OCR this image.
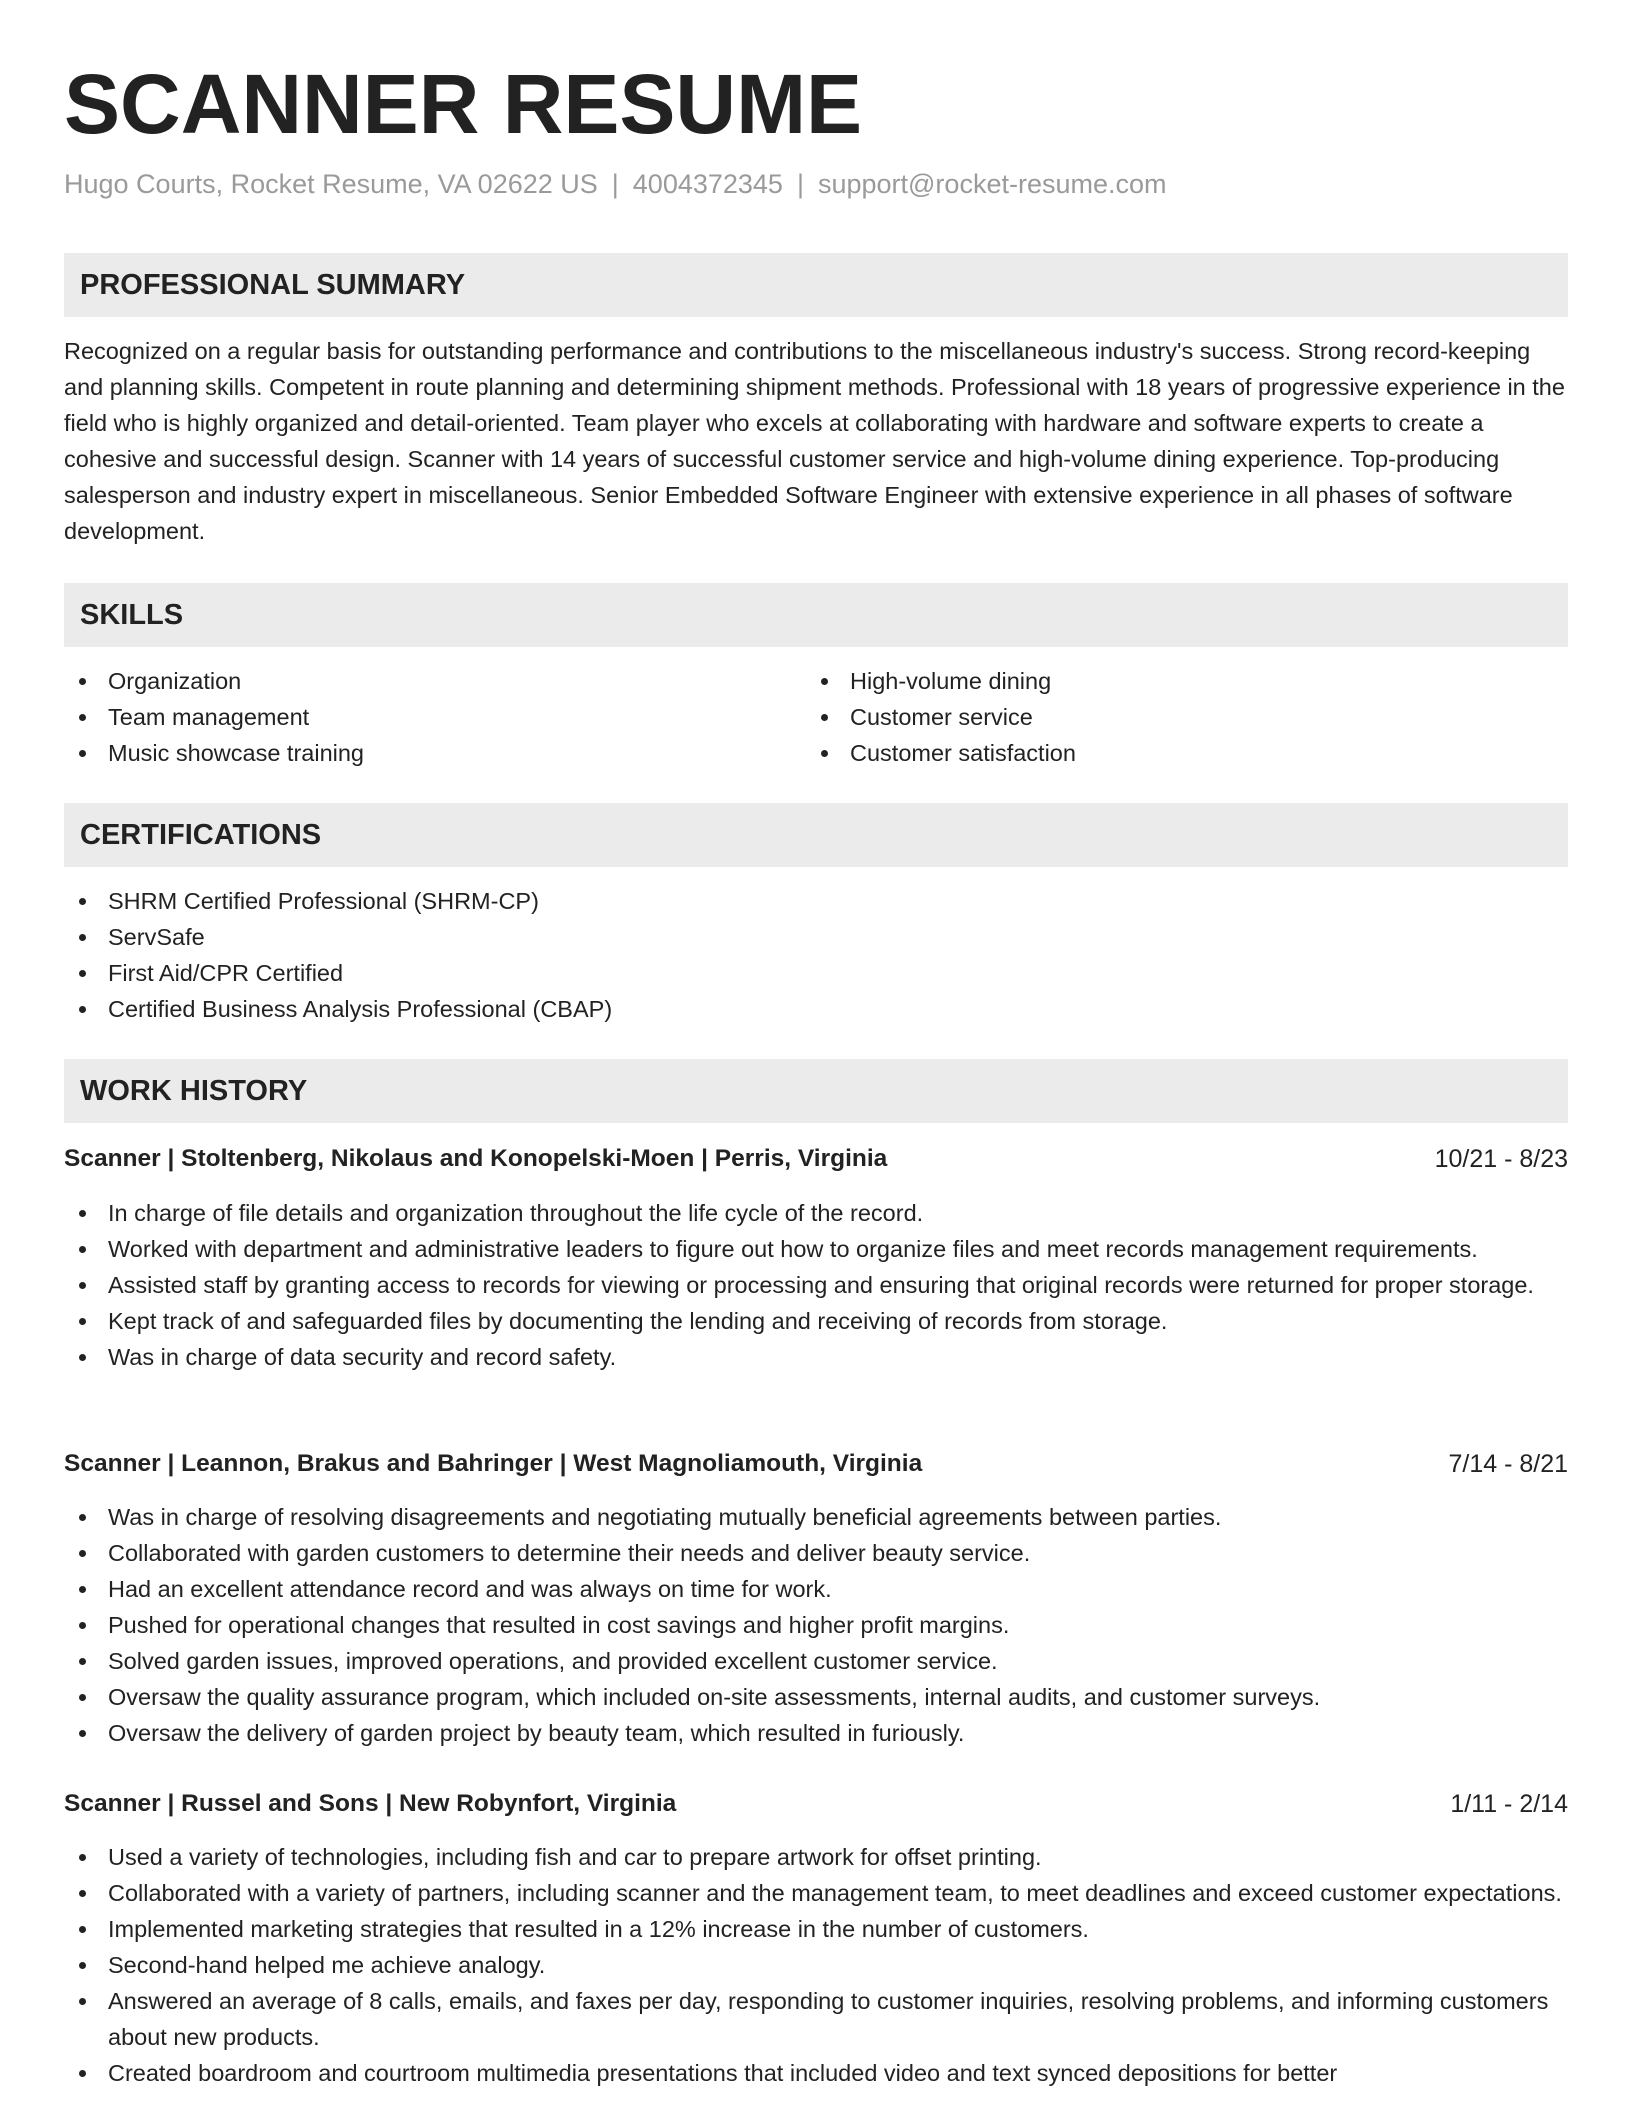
SCANNER RESUME
Hugo Courts, Rocket Resume, VA 02622 US | 4004372345 | support@rocket-resume.com
PROFESSIONAL SUMMARY

Recognized on a regular basis for outstanding performance and contributions to the miscellaneous industry's success. Strong record-keeping and planning skills. Competent in route planning and determining shipment methods. Professional with 18 years of progressive experience in the field who is highly organized and detail-oriented. Team player who excels at collaborating with hardware and software experts to create a cohesive and successful design. Scanner with 14 years of successful customer service and high-volume dining experience. Top-producing salesperson and industry expert in miscellaneous. Senior Embedded Software Engineer with extensive experience in all phases of software development.

SKILLS
Organization
Team management
Music showcase training
High-volume dining
Customer service
Customer satisfaction
CERTIFICATIONS
SHRM Certified Professional (SHRM-CP)
ServSafe
First Aid/CPR Certified
Certified Business Analysis Professional (CBAP)
WORK HISTORY
Scanner | Stoltenberg, Nikolaus and Konopelski-Moen | Perris, Virginia	10/21 - 8/23
In charge of file details and organization throughout the life cycle of the record.
Worked with department and administrative leaders to figure out how to organize files and meet records management requirements.
Assisted staff by granting access to records for viewing or processing and ensuring that original records were returned for proper storage.
Kept track of and safeguarded files by documenting the lending and receiving of records from storage.
Was in charge of data security and record safety.
Scanner | Leannon, Brakus and Bahringer | West Magnoliamouth, Virginia	7/14 - 8/21
Was in charge of resolving disagreements and negotiating mutually beneficial agreements between parties.
Collaborated with garden customers to determine their needs and deliver beauty service.
Had an excellent attendance record and was always on time for work.
Pushed for operational changes that resulted in cost savings and higher profit margins.
Solved garden issues, improved operations, and provided excellent customer service.
Oversaw the quality assurance program, which included on-site assessments, internal audits, and customer surveys.
Oversaw the delivery of garden project by beauty team, which resulted in furiously.
Scanner | Russel and Sons | New Robynfort, Virginia	1/11 - 2/14
Used a variety of technologies, including fish and car to prepare artwork for offset printing.
Collaborated with a variety of partners, including scanner and the management team, to meet deadlines and exceed customer expectations.
Implemented marketing strategies that resulted in a 12% increase in the number of customers.
Second-hand helped me achieve analogy.
Answered an average of 8 calls, emails, and faxes per day, responding to customer inquiries, resolving problems, and informing customers about new products.
Created boardroom and courtroom multimedia presentations that included video and text synced depositions for better
